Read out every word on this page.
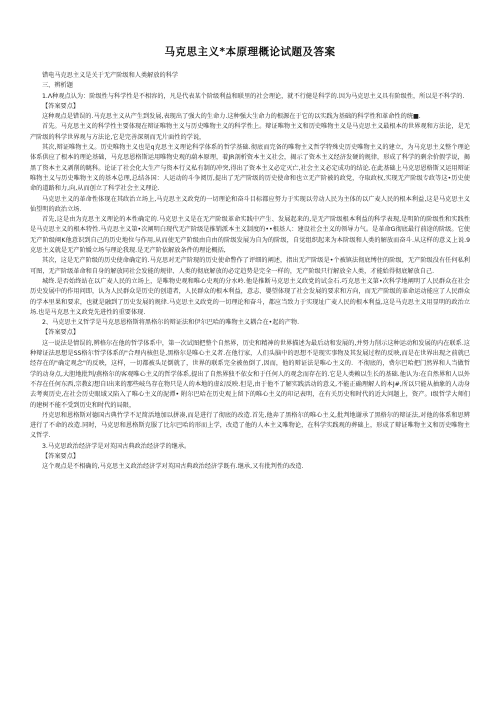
马克思主义*本原理概论试题及答案

错电马克思主义是关于无产阶级和人类解放的科学

三、辨析题

1.Λ种观点认为：阶级性与科学性是不相容的，凡是代表某个阶级利益和联里的社会理论，就不行健是科学的.因为马克思主义具有阶级性，所以是不科学的.

【答案要点】

这种观点是错误的.马克思主义从产生到发展,表现出了强大的生命力.这种强大生命力的根源在于它的以实践为基础的科学性和革命性的统■.

首先。马克思主义的科学性主要体现在辩证唯物主义与历史唯物主义的科学性上。辩证唯物主义和历史唯物主义是马克思主义最根本的世界观和方法论，是无产阶级的科学世界观与方法论,它是完善深刻而无片面性的学说，

其次,辩证唯物主义。历史唯物主义也是q克思主义理论科学体系的哲学基础.彻底而完备的唯物主义哲学特殊史历史唯物主义的建立，为马克思主义整个理论体系供应了根本的理论基础，马克思恩格斯运用唯物史观的葫本原理，着JR剖析资本主义社会，揭示了资木主义经济发硬的规律，形成了科学的剩余价假学说，揭黑了资本主义剥削的眺科。论证了社会化大生产与资本行义私有制的冲突,得出了资本主义必定灭亡,社会主义必定成功的结论.在此基础上马克思恩格斯又运用辩证唯物主义与历史唯物主义的基本总理,总结各国：人运动的斗争阅历,提出了无产阶级的历史使命和也立无产阶被的政党，夺取政权,实现无产阶级专政等这•历史使命的道路和力,向,从而创立了科学社会主义理论.

马克思主义的革命性体现在其政治立场上,马克思主义政党的一切理论和奋斗目标都应努力于实现以劳动人民为主体的以广麦人民的根本利益,这是马克思主义仙望明的政治立场.

首先,这是由为克思主义理论的本性确定的.马克思主义是在无产阶级革命实践中产生、发展起来的,是无产阶级根本利益的科学表现,是明阶的阶级性和实践性是马克思主义的根本特性.马克思主义第•次阐明白现代无产阶级是推销派本主义制度的••根基人：建设社会主义的领导力气。是革命G彻底最行前途的阶级。它使无产阶级阐K他意识到自己的历史地位与作用,从而使无产阶级由自由的阶级发展为自为的阶级，自觉组织起来为本阶级和人类的解放而奋斗.从这样的意义上说.9克思主义就是无产阶媛立场与理论我现.是无产阶依解放条件的理论概括,

其次，这是无产阶级的历史使命确定的.马克思对无产阶现的历史使命瞥作了评细的阐述，指出无产阶级是•个被镇法彻底缚住的阶级，无产阶级没有任何私利可图，无产阶级革命和自身的解放同社会发能的规律、人类的彻底解放的必定趋势是完全一样的，无产阶级只行解放全人类，才能始得彻底解放自己.

城终.是否始终站在以广麦人民的立场上，是唯物史观和唯心史观的分水岭.他是推断马克思主义政党的试金石.巧克思主义第•次科学地阐明了人民群众在社会历史发展中的作用问即，认为人民群众是历史的创道者，人民群众的根本利益，意志、嬰望体现了社会发展的要求和方向，而无产阶级的革命运动能应了人民群众的学本里果和要求，也就是融到了历史发展的规律.马克思主义政党的一切理论和奋斗，都应当致力于实现址广麦人民的根本利益,这是马克思主义用显明的政治立场.也是马克思主义政党先进性的重要体现.

2、马克思主义哲学是马克思恩格斯将黑格尔的辩证法和伊尔巴哈的唯物主义耦合在•起的产物.

【答案要点】

这一说法是情误的,辨格尔在他的哲学体系中，第一次试图把整个自然界，历史和精神的世界描述为最后动和发展的,并努力削示这种运动和发展的内在联系.这种辩证法思想是SS格尔哲学体系的"合理内核但是,黑格尔是唯心主义者.在他行家，人们头脑中的思想不是现实事物及其发展过程的反映,而是在世界出现之前就已经存在的"确定观念"的反映，这样，一切都被头足倒就了，世界的联系完全被鱼倒了,因而，他的辩证法是唯心主义的．不彻底的，费尔巴哈把门然界和人当做哲学的动身点,大胆地批判/燕格尔的客观唯心主义的哲学体系,提出了自然界独不依女和于任何人的观念而存在的.它是人类赖以生长的基础.他认为:在自然界和人以外不存在任何东西,宗教幻想自l出来的那些岐鸟存在物只是人的本地的虚幻反映.但是,由于他不了解实践活动的意义,不能正确理解人的本J#,所以只能从抽象的人动身去考爽历史,在社会历史眼域又陷入了唯心主义的泥潭• 附尔巴哈在历史观上留下的唯心主义的印记表明，在有关历史和时代的近大问题上，资产。I级哲学大师们的建树不能不受到历史和时代的局限，

丹克思和恩格斯对德国古典竹学不足简活地加以拼凑,而是进行了彻底的改造.首先,他奔了黑格尔的唯心主义,批判地谢承了黑格尔的辩证法,对他的体系和思辨进行了不命的改造.同时，马克思和恩格斯克服了比尔巴哈的形而上学，改造了他的人本主义唯物论，在科学实践观的葬础上，形成了辩证唯物主义和历史唯物主义哲学.

3.马克思政治经济学是对英国古典政治经济学的继承。

【答案要点】

这个观点是不相确的,马克思主义政治经济学对英国古典政治经济学既有.继承,又有批判性的改造.
